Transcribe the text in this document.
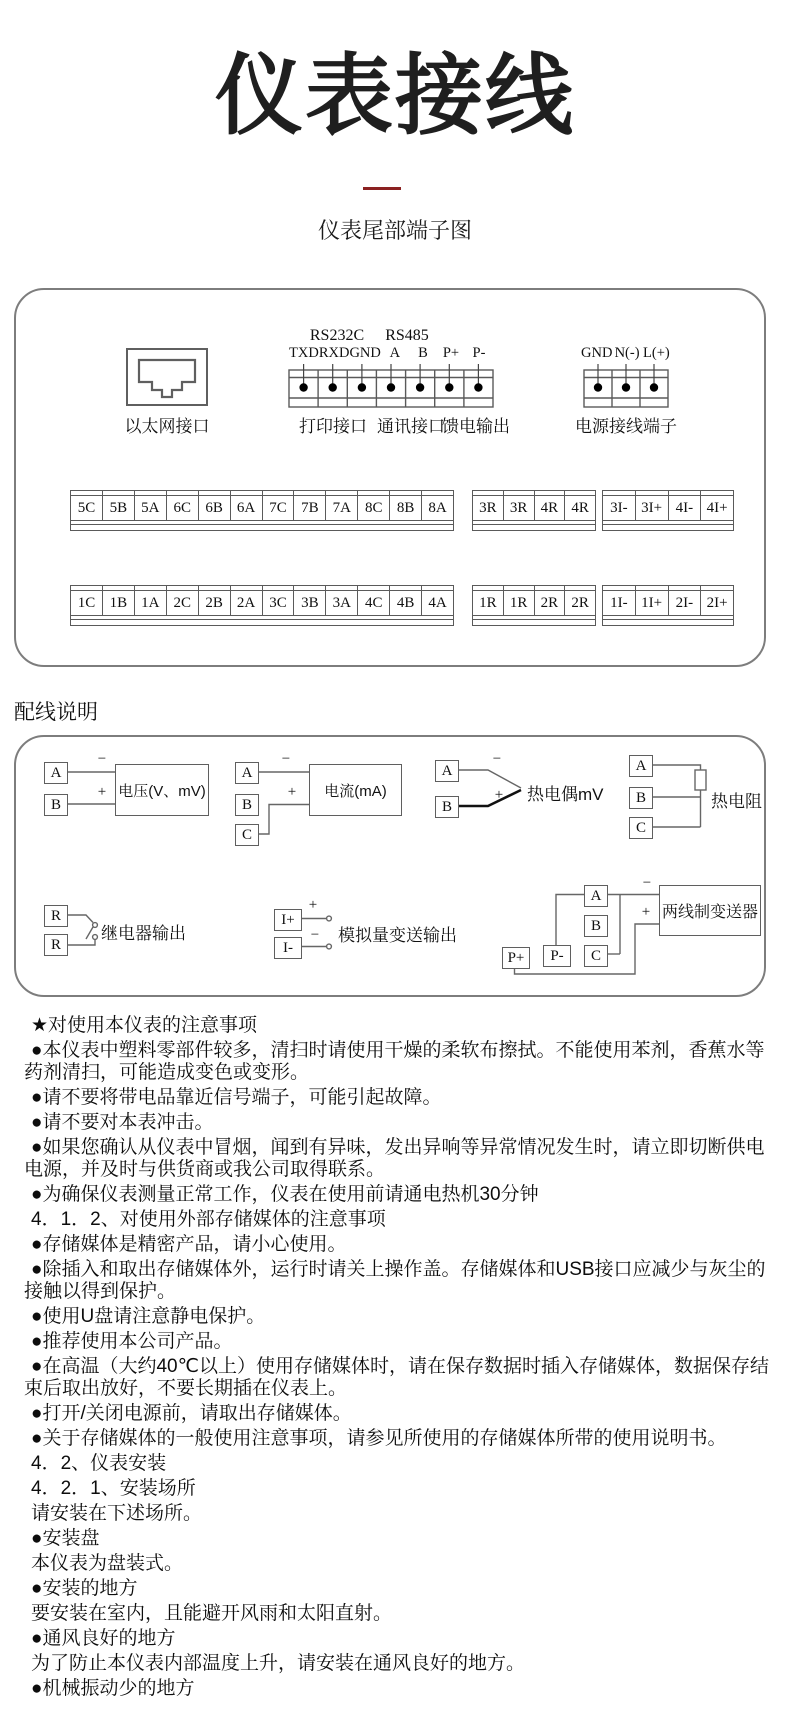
仪表接线
仪表尾部端子图
RS232C RS485
TXD RXD GND A	B	P+ P-	GND N(-) L(+)
以太网接口	打印接口 通讯接口
馈电输出	电源接线端子
5C 5B 5A 6C 6B 6A 7C 7B 7A 8C 8B 8A	3R 3R 4R 4R	3I- 3I+ 4I- 4I+
1C 1B 1A 2C 2B 2A 3C 3B 3A 4C 4B 4A	1R 1R 2R 2R	1I- 1I+ 2I- 2I+
配线说明
A
B
−
+ 电压(V、mV)
A
B
C
−
+	电流(mA)
A
B
−
+ 热电偶mV
A
B
C
热电阻
R
R
继电器输出
I+
I-
+
− 模拟量变送输出
A
B
C
P+	P-
−
+ 两线制变送器

★对使用本仪表的注意事项

●本仪表中塑料零部件较多，清扫时请使用干燥的柔软布擦拭。不能使用苯剂，香蕉水等药剂清扫，可能造成变色或变形。

●请不要将带电品靠近信号端子，可能引起故障。

●请不要对本表冲击。

●如果您确认从仪表中冒烟，闻到有异味，发出异响等异常情况发生时，请立即切断供电电源，并及时与供货商或我公司取得联系。

●为确保仪表测量正常工作，仪表在使用前请通电热机30分钟

4．1．2、对使用外部存储媒体的注意事项

●存储媒体是精密产品，请小心使用。

●除插入和取出存储媒体外，运行时请关上操作盖。存储媒体和USB接口应减少与灰尘的接触以得到保护。

●使用U盘请注意静电保护。

●推荐使用本公司产品。

●在高温（大约40℃以上）使用存储媒体时，请在保存数据时插入存储媒体，数据保存结束后取出放好，不要长期插在仪表上。

●打开/关闭电源前，请取出存储媒体。

●关于存储媒体的一般使用注意事项，请参见所使用的存储媒体所带的使用说明书。

4．2、仪表安装

4．2．1、安装场所

请安装在下述场所。

●安装盘

本仪表为盘装式。

●安装的地方

要安装在室内，且能避开风雨和太阳直射。

●通风良好的地方

为了防止本仪表内部温度上升，请安装在通风良好的地方。

●机械振动少的地方
